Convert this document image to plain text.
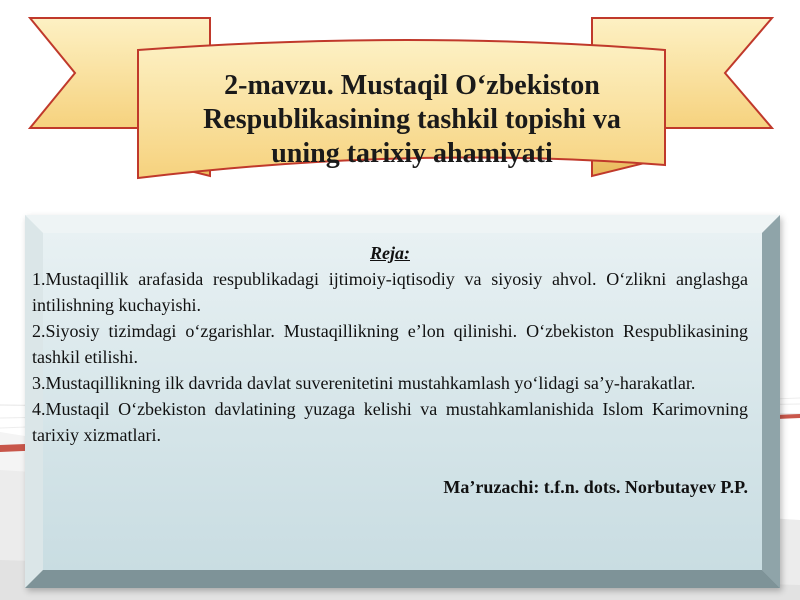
2-mavzu. Mustaqil O‘zbekiston
Respublikasining tashkil topishi va
uning tarixiy ahamiyati

Reja:

1.Mustaqillik arafasida respublikadagi ijtimoiy-iqtisodiy va siyosiy ahvol. O‘zlikni anglashga intilishning kuchayishi.

2.Siyosiy tizimdagi o‘zgarishlar. Mustaqillikning e’lon qilinishi. O‘zbekiston Respublikasining tashkil etilishi.

3.Mustaqillikning ilk davrida davlat suverenitetini mustahkamlash yo‘lidagi sa’y-harakatlar.

4.Mustaqil O‘zbekiston davlatining yuzaga kelishi va mustahkamlanishida Islom Karimovning tarixiy xizmatlari.

Ma’ruzachi: t.f.n. dots. Norbutayev P.P.
